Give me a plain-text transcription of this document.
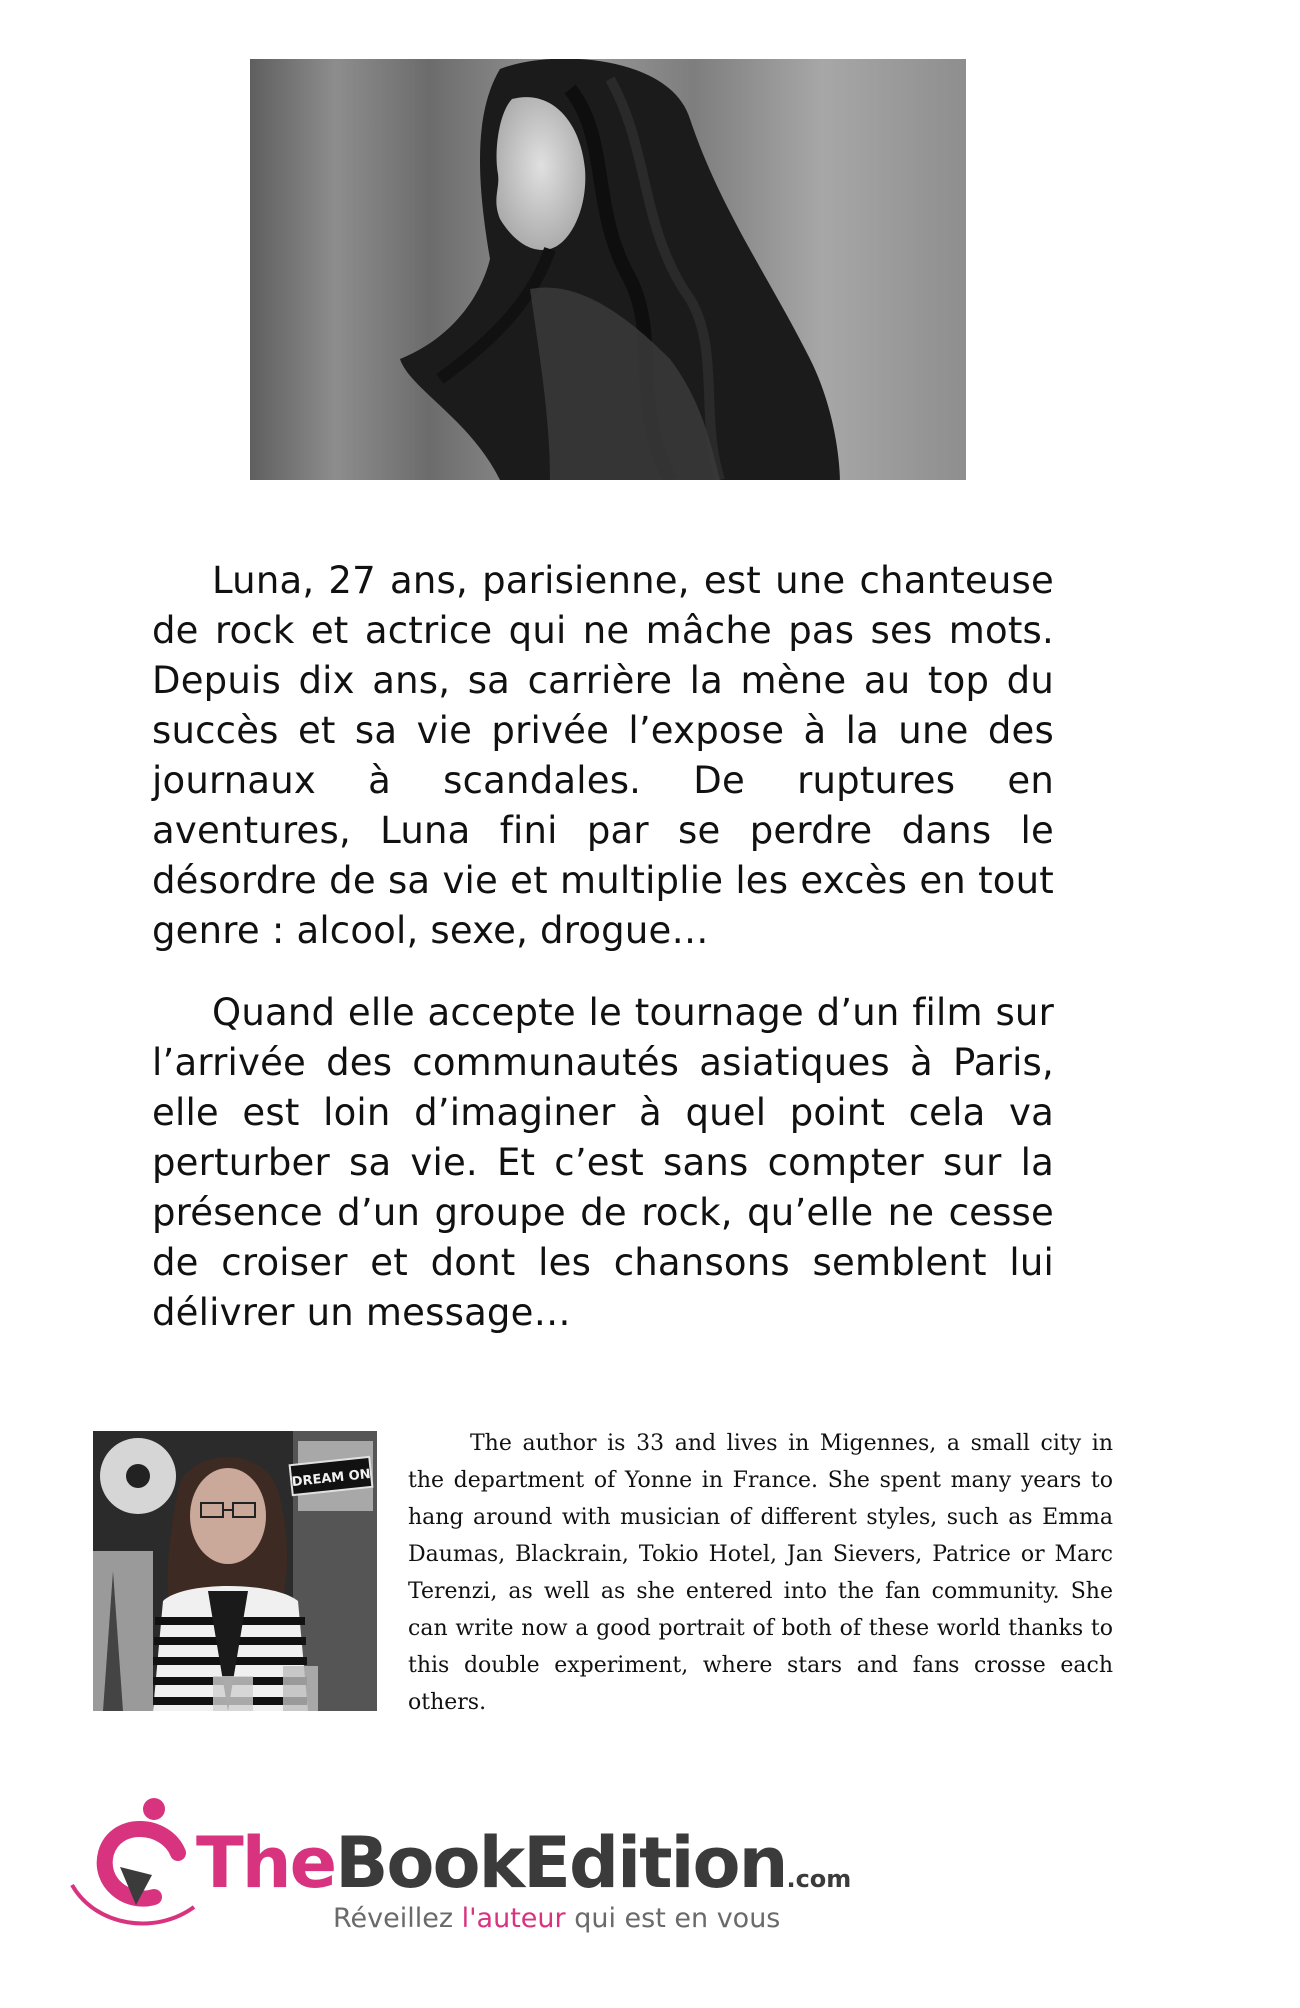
Luna, 27 ans, parisienne, est une chanteuse de rock et actrice qui ne mâche pas ses mots. Depuis dix ans, sa carrière la mène au top du succès et sa vie privée l’expose à la une des journaux à scandales. De ruptures en aventures, Luna fini par se perdre dans le désordre de sa vie et multiplie les excès en tout genre : alcool, sexe, drogue…

Quand elle accepte le tournage d’un film sur l’arrivée des communautés asiatiques à Paris, elle est loin d’imaginer à quel point cela va perturber sa vie. Et c’est sans compter sur la présence d’un groupe de rock, qu’elle ne cesse de croiser et dont les chansons semblent lui délivrer un message…

DREAM ON

The author is 33 and lives in Migennes, a small city in the department of Yonne in France. She spent many years to hang around with musician of different styles, such as Emma Daumas, Blackrain, Tokio Hotel, Jan Sievers, Patrice or Marc Terenzi, as well as she entered into the fan community. She can write now a good portrait of both of these world thanks to this double experiment, where stars and fans crosse each others.

TheBookEdition.com
Réveillez l'auteur qui est en vous
